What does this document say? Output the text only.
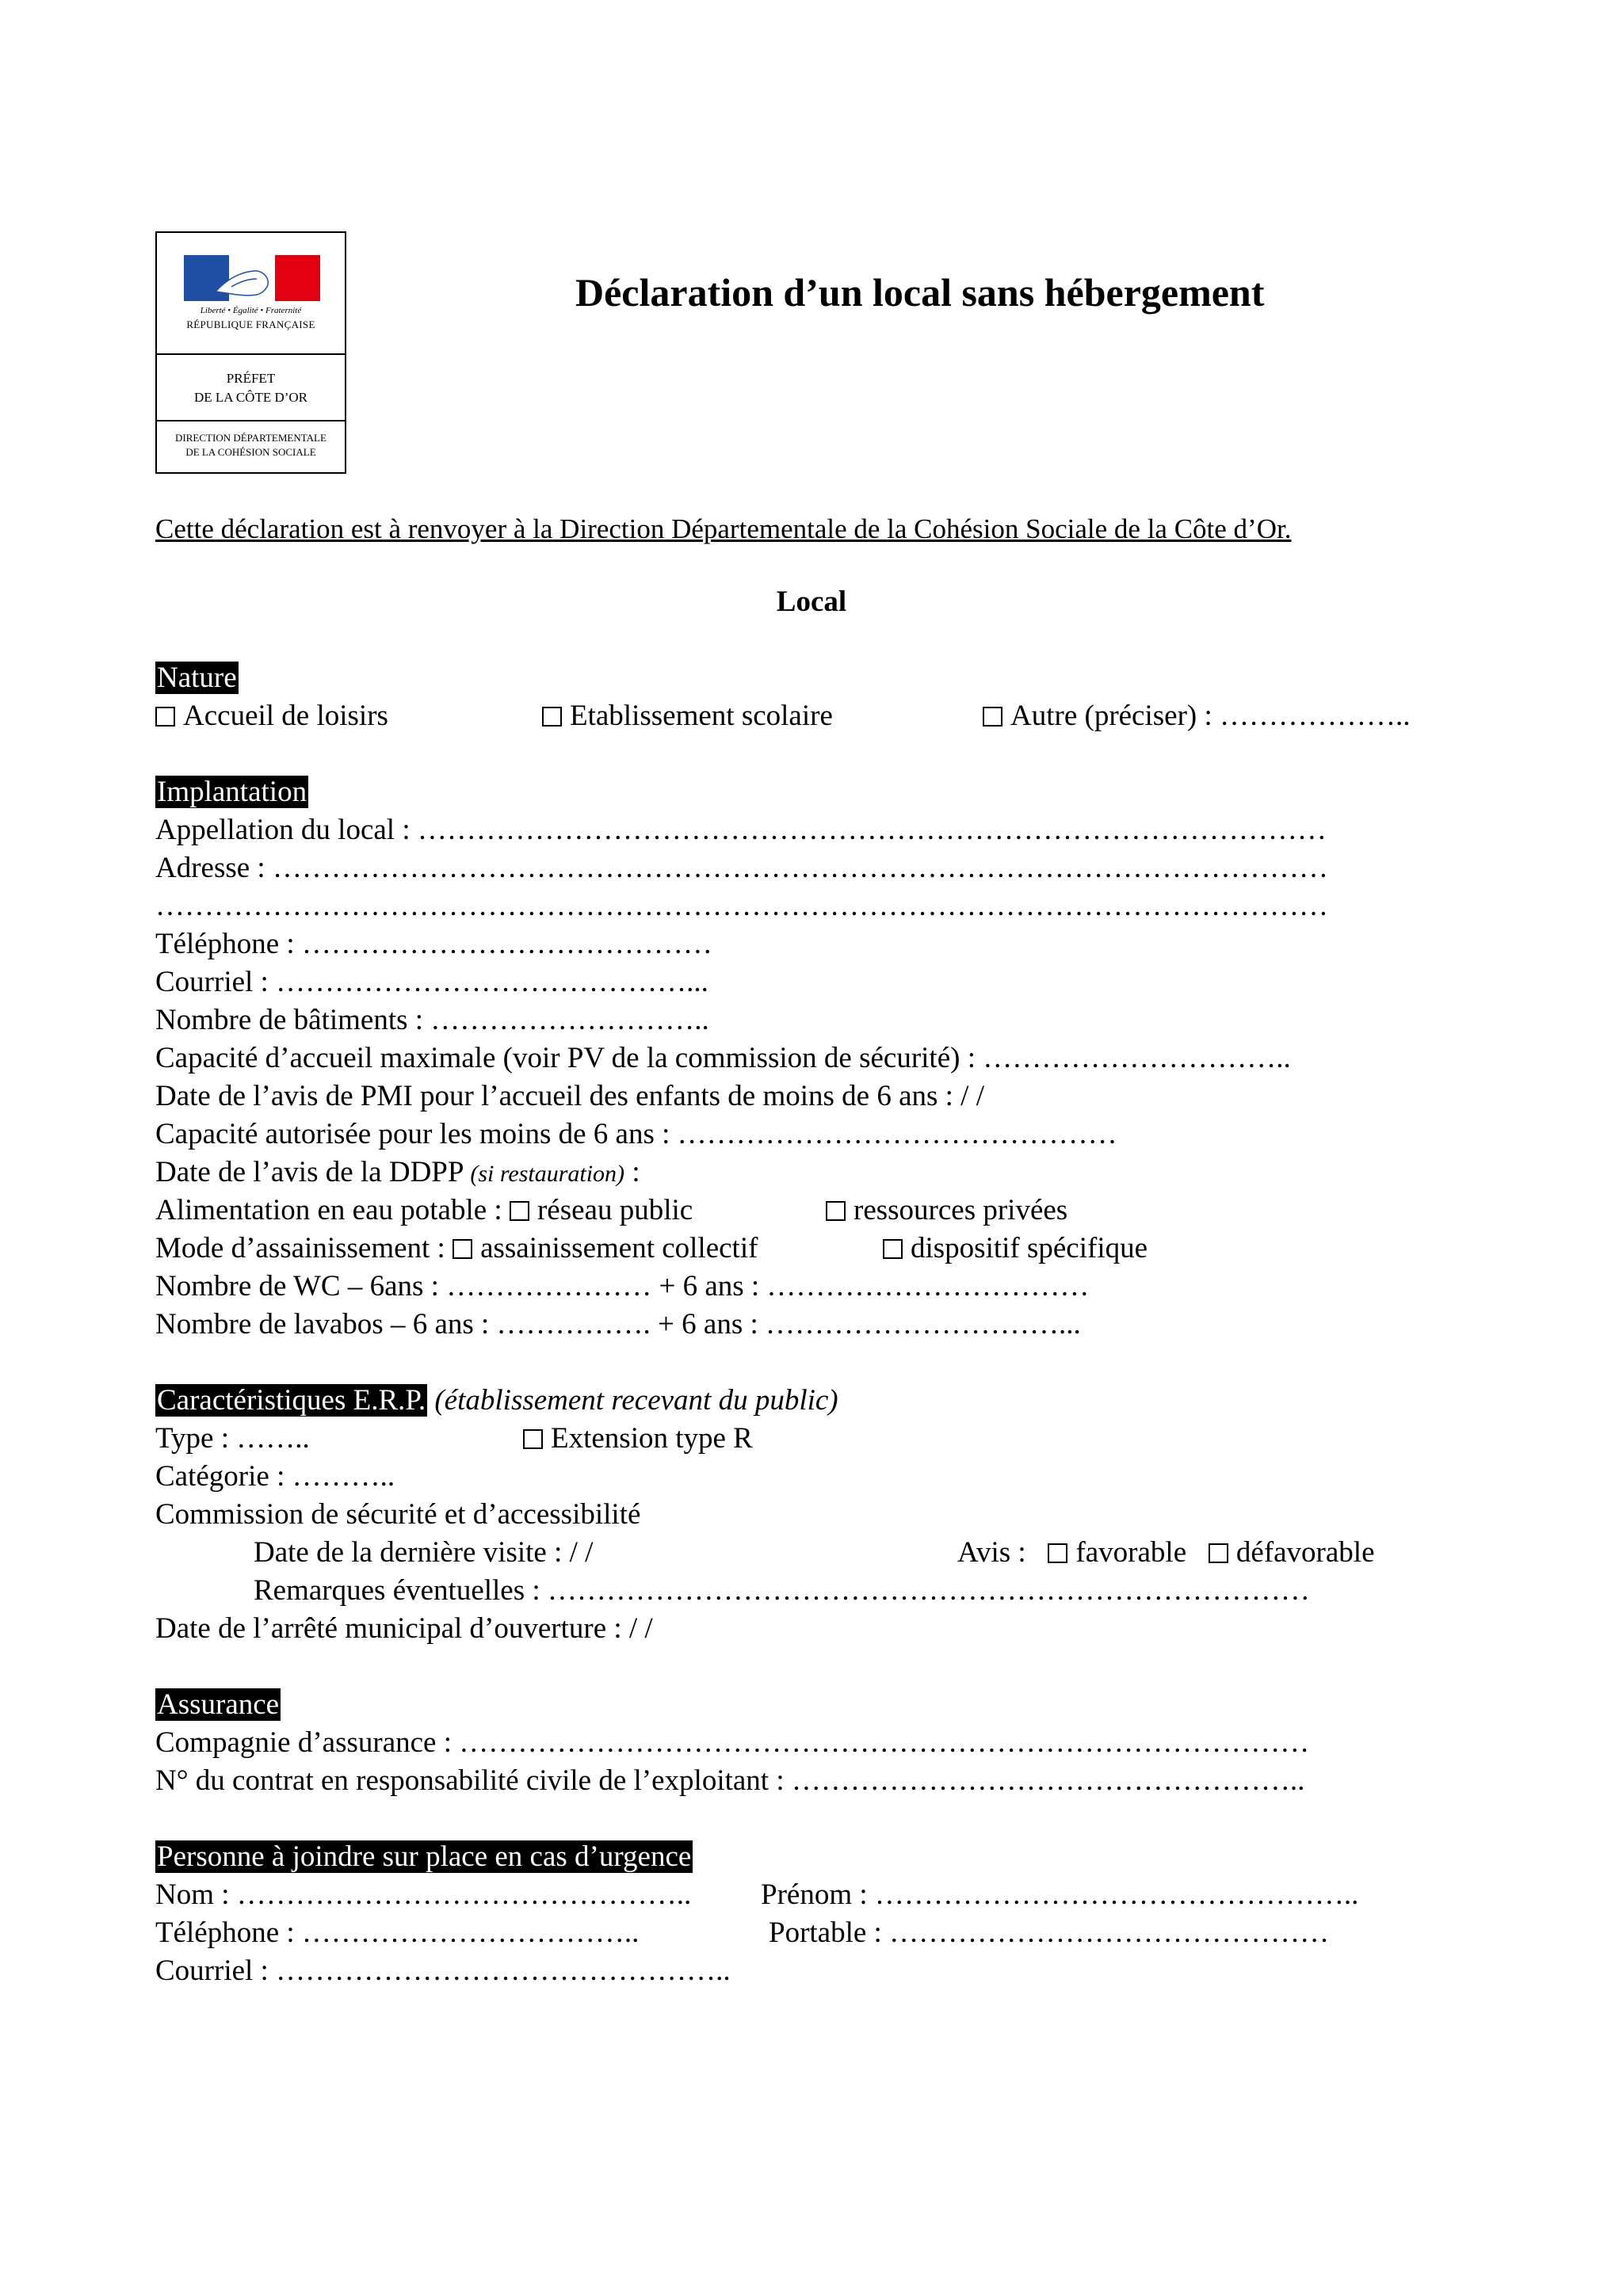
Liberté • Égalité • Fraternité
RÉPUBLIQUE FRANÇAISE
PRÉFET
DE LA CÔTE D’OR
DIRECTION DÉPARTEMENTALE
DE LA COHÉSION SOCIALE
Déclaration d’un local sans hébergement
Cette déclaration est à renvoyer à la Direction Départementale de la Cohésion Sociale de la Côte d’Or.
Local
Nature
Accueil de loisirs	Etablissement scolaire	Autre (préciser) : ………………..
Implantation
Appellation du local : …………………………………………………………………………………
Adresse : ………………………………………………………………………………………………
…………………………………………………………………………………………………………
Téléphone : ……………………………………
Courriel : ……………………………………...
Nombre de bâtiments : ………………………..
Capacité d’accueil maximale (voir PV de la commission de sécurité) : …………………………..
Date de l’avis de PMI pour l’accueil des enfants de moins de 6 ans : / /
Capacité autorisée pour les moins de 6 ans : ………………………………………
Date de l’avis de la DDPP (si restauration) :
Alimentation en eau potable : réseau public	ressources privées
Mode d’assainissement : assainissement collectif	dispositif spécifique
Nombre de WC – 6ans : ………………… + 6 ans : ……………………………
Nombre de lavabos – 6 ans : ……………. + 6 ans : …………………………...
Caractéristiques E.R.P. (établissement recevant du public)
Type : ……..	Extension type R
Catégorie : ………..
Commission de sécurité et d’accessibilité
Date de la dernière visite : / /	Avis : favorable défavorable
Remarques éventuelles : ……………………………………………………………………
Date de l’arrêté municipal d’ouverture : / /
Assurance
Compagnie d’assurance : ……………………………………………………………………………
N° du contrat en responsabilité civile de l’exploitant : ……………………………………………..
Personne à joindre sur place en cas d’urgence
Nom : ……………………………………….. Prénom : …………………………………………..
Téléphone : ……………………………..	Portable : ………………………………………
Courriel : ………………………………………..
